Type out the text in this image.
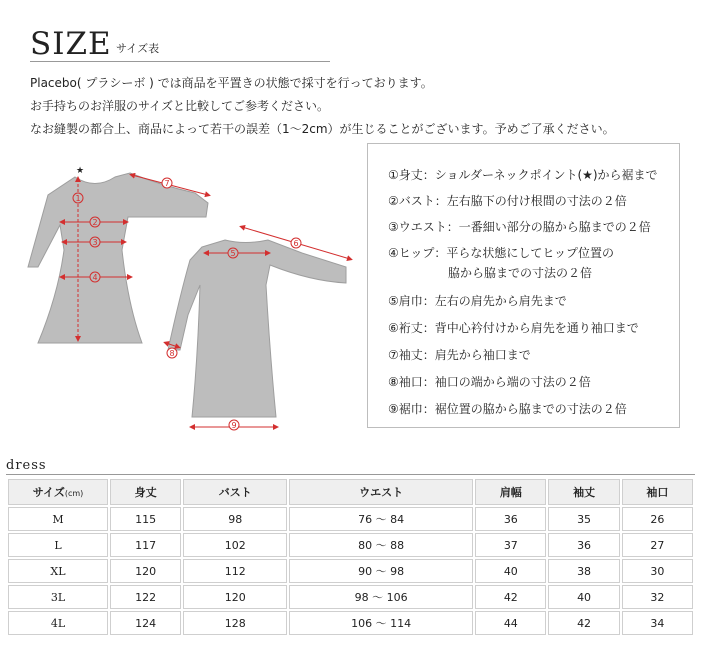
SIZE サイズ表
Placebo( プラシーボ ) では商品を平置きの状態で採寸を行っております。
お手持ちのお洋服のサイズと比較してご参考ください。
なお縫製の都合上、商品によって若干の誤差（1〜2cm）が生じることがございます。予めご了承ください。
★
1
2
3
4
5
6
7
8
9
①身丈：ショルダーネックポイント(★)から裾まで
②バスト：左右脇下の付け根間の寸法の２倍
③ウエスト：一番細い部分の脇から脇までの２倍
④ヒップ：平らな状態にしてヒップ位置の
脇から脇までの寸法の２倍
⑤肩巾：左右の肩先から肩先まで
⑥裄丈：背中心衿付けから肩先を通り袖口まで
⑦袖丈：肩先から袖口まで
⑧袖口：袖口の端から端の寸法の２倍
⑨裾巾：裾位置の脇から脇までの寸法の２倍
dress
サイズ(cm)	身丈	バスト	ウエスト	肩幅	袖丈	袖口
M	115	98	76 〜 84	36	35	26
L	117	102	80 〜 88	37	36	27
XL	120	112	90 〜 98	40	38	30
3L	122	120	98 〜 106	42	40	32
4L	124	128	106 〜 114	44	42	34
